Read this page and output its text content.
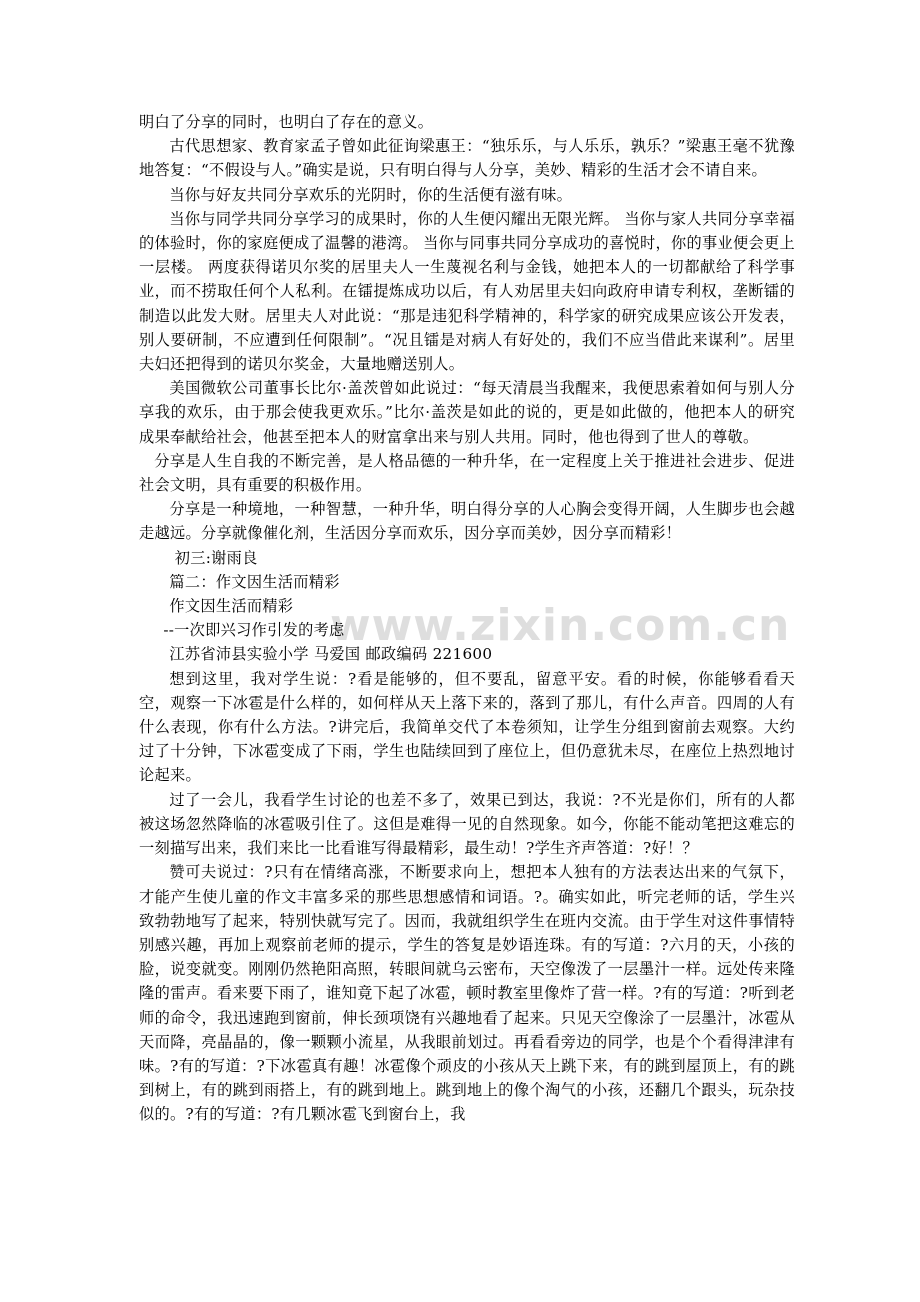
www.zixin.com.cn

明白了分享的同时，也明白了存在的意义。

古代思想家、教育家孟子曾如此征询梁惠王：“独乐乐，与人乐乐，孰乐？”梁惠王毫不犹豫地答复：“不假设与人。”确实是说，只有明白得与人分享，美妙、精彩的生活才会不请自来。

当你与好友共同分享欢乐的光阴时，你的生活便有滋有味。

当你与同学共同分享学习的成果时，你的人生便闪耀出无限光辉。 当你与家人共同分享幸福的体验时，你的家庭便成了温馨的港湾。 当你与同事共同分享成功的喜悦时，你的事业便会更上一层楼。 两度获得诺贝尔奖的居里夫人一生蔑视名利与金钱，她把本人的一切都献给了科学事业，而不捞取任何个人私利。在镭提炼成功以后，有人劝居里夫妇向政府申请专利权，垄断镭的制造以此发大财。居里夫人对此说：“那是违犯科学精神的，科学家的研究成果应该公开发表，别人要研制，不应遭到任何限制”。“况且镭是对病人有好处的，我们不应当借此来谋利”。居里夫妇还把得到的诺贝尔奖金，大量地赠送别人。

美国微软公司董事长比尔·盖茨曾如此说过：“每天清晨当我醒来，我便思索着如何与别人分享我的欢乐，由于那会使我更欢乐。”比尔·盖茨是如此的说的，更是如此做的，他把本人的研究成果奉献给社会，他甚至把本人的财富拿出来与别人共用。同时，他也得到了世人的尊敬。

分享是人生自我的不断完善，是人格品德的一种升华，在一定程度上关于推进社会进步、促进社会文明，具有重要的积极作用。

分享是一种境地，一种智慧，一种升华，明白得分享的人心胸会变得开阔，人生脚步也会越走越远。分享就像催化剂，生活因分享而欢乐，因分享而美妙，因分享而精彩！

初三:谢雨良

篇二：作文因生活而精彩

作文因生活而精彩

--一次即兴习作引发的考虑

江苏省沛县实验小学 马爱国 邮政编码 221600

想到这里，我对学生说：?看是能够的，但不要乱，留意平安。看的时候，你能够看看天空，观察一下冰雹是什么样的，如何样从天上落下来的，落到了那儿，有什么声音。四周的人有什么表现，你有什么方法。?讲完后，我简单交代了本卷须知，让学生分组到窗前去观察。大约过了十分钟，下冰雹变成了下雨，学生也陆续回到了座位上，但仍意犹未尽，在座位上热烈地讨论起来。

过了一会儿，我看学生讨论的也差不多了，效果已到达，我说：?不光是你们，所有的人都被这场忽然降临的冰雹吸引住了。这但是难得一见的自然现象。如今，你能不能动笔把这难忘的一刻描写出来，我们来比一比看谁写得最精彩，最生动！?学生齐声答道：?好！？

赞可夫说过：?只有在情绪高涨，不断要求向上，想把本人独有的方法表达出来的气氛下，才能产生使儿童的作文丰富多采的那些思想感情和词语。?。确实如此，听完老师的话，学生兴致勃勃地写了起来，特别快就写完了。因而，我就组织学生在班内交流。由于学生对这件事情特别感兴趣，再加上观察前老师的提示，学生的答复是妙语连珠。有的写道：?六月的天，小孩的脸，说变就变。刚刚仍然艳阳高照，转眼间就乌云密布，天空像泼了一层墨汁一样。远处传来隆隆的雷声。看来要下雨了，谁知竟下起了冰雹，顿时教室里像炸了营一样。?有的写道：?听到老师的命令，我迅速跑到窗前，伸长颈项饶有兴趣地看了起来。只见天空像涂了一层墨汁，冰雹从天而降，亮晶晶的，像一颗颗小流星，从我眼前划过。再看看旁边的同学，也是个个看得津津有味。?有的写道：?下冰雹真有趣！冰雹像个顽皮的小孩从天上跳下来，有的跳到屋顶上，有的跳到树上，有的跳到雨搭上，有的跳到地上。跳到地上的像个淘气的小孩，还翻几个跟头，玩杂技似的。?有的写道：?有几颗冰雹飞到窗台上，我
